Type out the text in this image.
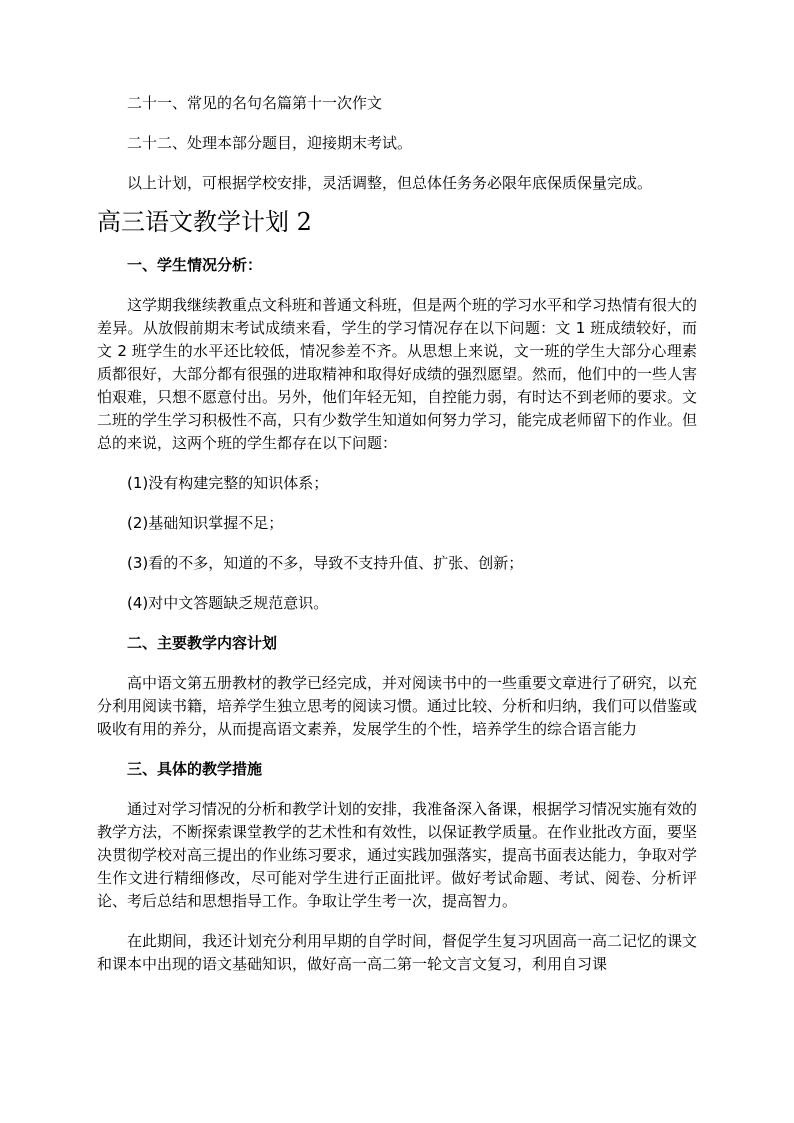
二十一、常见的名句名篇第十一次作文

二十二、处理本部分题目，迎接期末考试。

以上计划，可根据学校安排，灵活调整，但总体任务务必限年底保质保量完成。

高三语文教学计划 2
一、学生情况分析：

这学期我继续教重点文科班和普通文科班，但是两个班的学习水平和学习热情有很大的差异。从放假前期末考试成绩来看，学生的学习情况存在以下问题：文 1 班成绩较好，而文 2 班学生的水平还比较低，情况参差不齐。从思想上来说，文一班的学生大部分心理素质都很好，大部分都有很强的进取精神和取得好成绩的强烈愿望。然而，他们中的一些人害怕艰难，只想不愿意付出。另外，他们年轻无知，自控能力弱，有时达不到老师的要求。文二班的学生学习积极性不高，只有少数学生知道如何努力学习，能完成老师留下的作业。但总的来说，这两个班的学生都存在以下问题：

(1)没有构建完整的知识体系；

(2)基础知识掌握不足；

(3)看的不多，知道的不多，导致不支持升值、扩张、创新；

(4)对中文答题缺乏规范意识。

二、主要教学内容计划

高中语文第五册教材的教学已经完成，并对阅读书中的一些重要文章进行了研究，以充分利用阅读书籍，培养学生独立思考的阅读习惯。通过比较、分析和归纳，我们可以借鉴或吸收有用的养分，从而提高语文素养，发展学生的个性，培养学生的综合语言能力

三、具体的教学措施

通过对学习情况的分析和教学计划的安排，我准备深入备课，根据学习情况实施有效的教学方法，不断探索课堂教学的艺术性和有效性，以保证教学质量。在作业批改方面，要坚决贯彻学校对高三提出的作业练习要求，通过实践加强落实，提高书面表达能力，争取对学生作文进行精细修改，尽可能对学生进行正面批评。做好考试命题、考试、阅卷、分析评论、考后总结和思想指导工作。争取让学生考一次，提高智力。

在此期间，我还计划充分利用早期的自学时间，督促学生复习巩固高一高二记忆的课文和课本中出现的语文基础知识，做好高一高二第一轮文言文复习，利用自习课
